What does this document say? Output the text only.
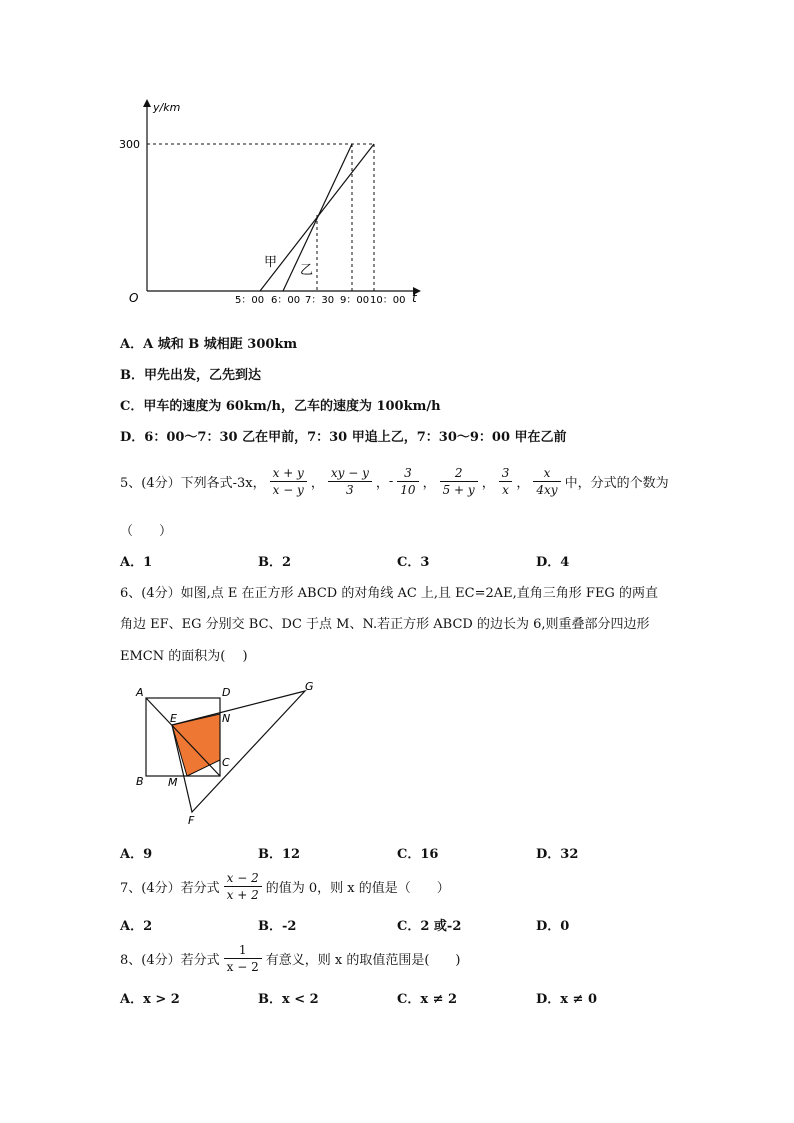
y/km
300
O	t
5：00 6：00 7：30 9：00 10：00
甲
乙
A．A 城和 B 城相距 300km
B．甲先出发，乙先到达
C．甲车的速度为 60km/h，乙车的速度为 100km/h
D．6：00～7：30 乙在甲前，7：30 甲追上乙，7：30～9：00 甲在乙前
5、(4分）下列各式-3x， $\frac{x + y}{x - y}$ ， $\frac{xy - y}{3}$ ， - $\frac{3}{10}$ ， $\frac{2}{5 + y}$ ， $\frac{3}{x}$ ， $\frac{x}{4xy}$ 中，分式的个数为
（　　）
A．1	B．2	C．3	D．4
6、(4分）如图,点 E 在正方形 ABCD 的对角线 AC 上,且 EC=2AE,直角三角形 FEG 的两直
角边 EF、EG 分别交 BC、DC 于点 M、N.若正方形 ABCD 的边长为 6,则重叠部分四边形
EMCN 的面积为(　 )
A	D	G
E	N
C
B M
F
A．9	B．12	C．16	D．32
7、(4分）若分式 $\frac{x - 2}{x + 2}$ 的值为 0，则 x 的值是（　　）
A．2	B．-2	C．2 或-2	D．0
8、(4分）若分式 $\frac{1}{x - 2}$ 有意义，则 x 的取值范围是(　　)
A．x > 2	B．x < 2	C．x ≠ 2	D．x ≠ 0
